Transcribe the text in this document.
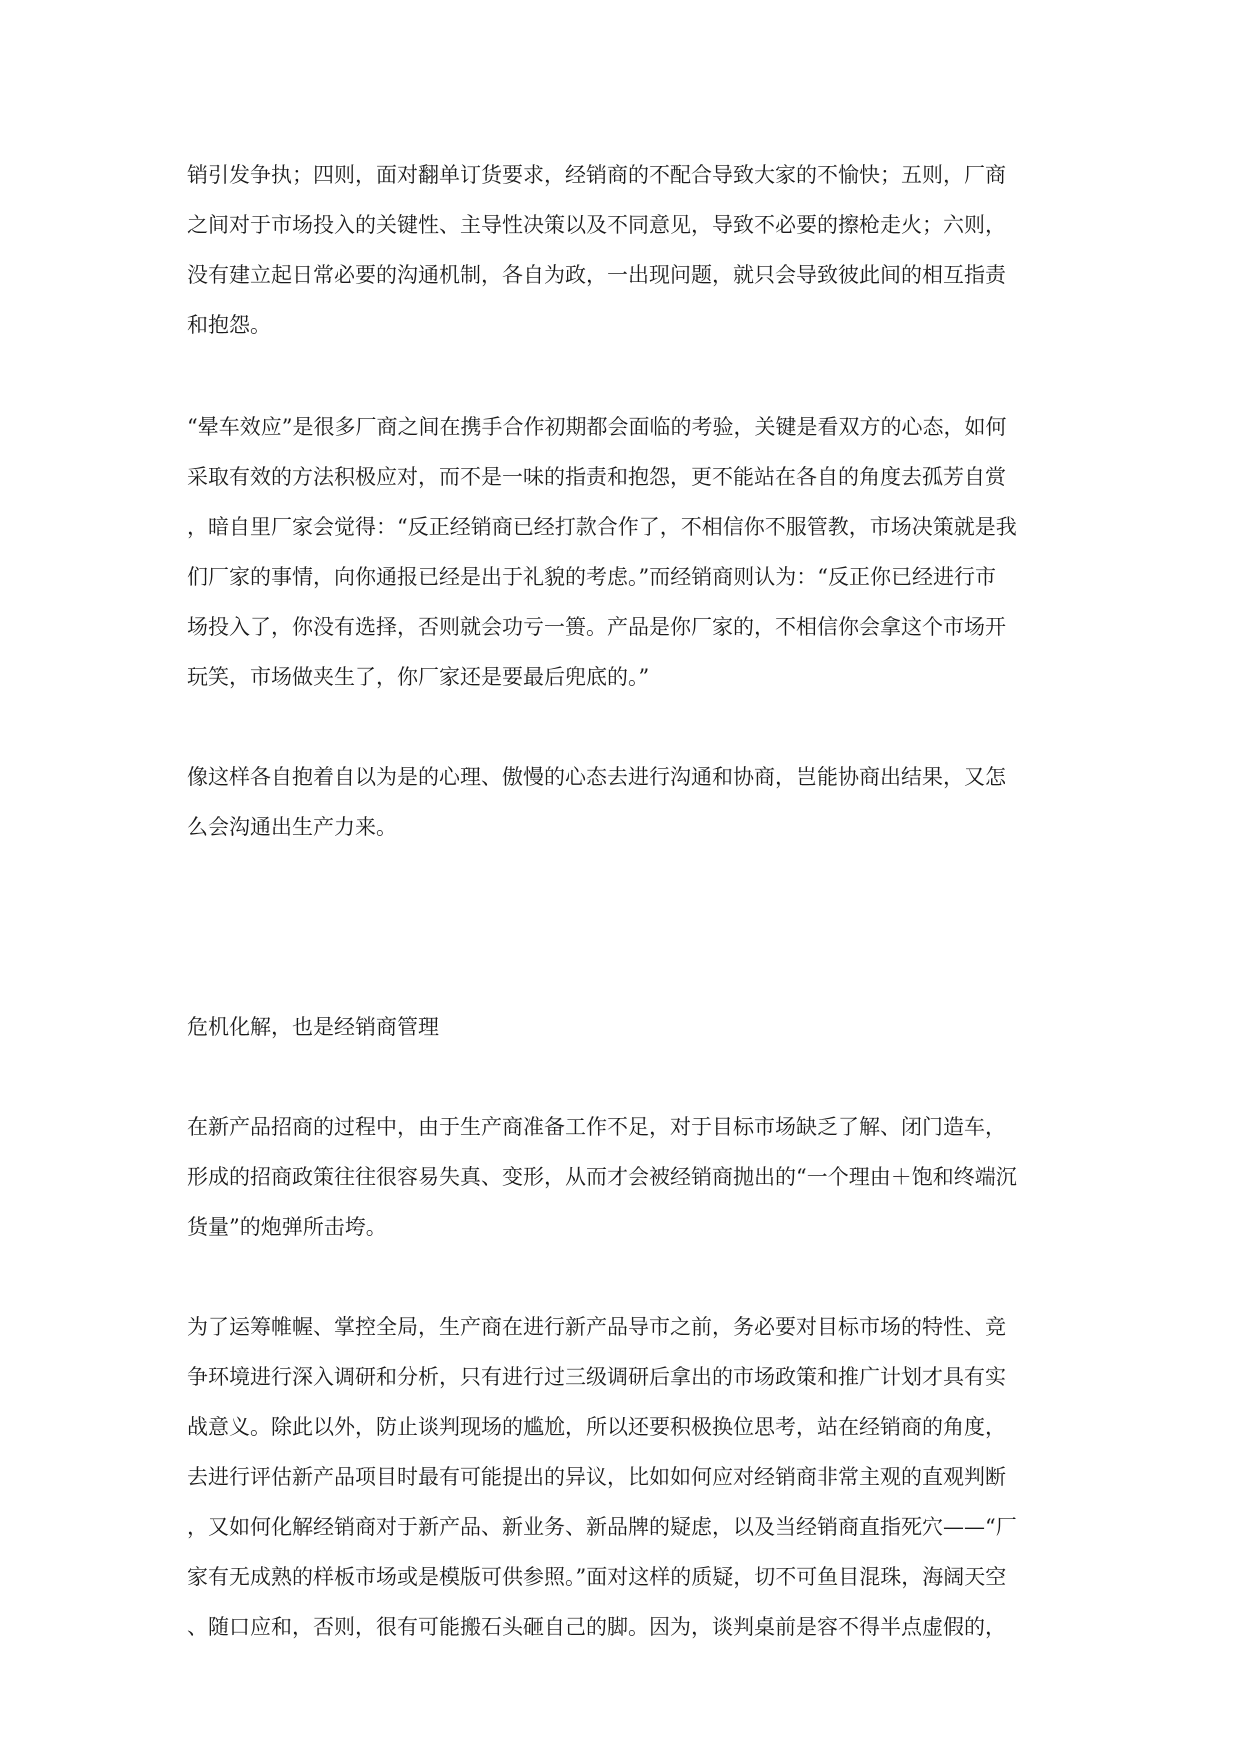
销引发争执；四则，面对翻单订货要求，经销商的不配合导致大家的不愉快；五则，厂商
之间对于市场投入的关键性、主导性决策以及不同意见，导致不必要的擦枪走火；六则，
没有建立起日常必要的沟通机制，各自为政，一出现问题，就只会导致彼此间的相互指责
和抱怨。
“晕车效应”是很多厂商之间在携手合作初期都会面临的考验，关键是看双方的心态，如何
采取有效的方法积极应对，而不是一味的指责和抱怨，更不能站在各自的角度去孤芳自赏
，暗自里厂家会觉得：“反正经销商已经打款合作了，不相信你不服管教，市场决策就是我
们厂家的事情，向你通报已经是出于礼貌的考虑。”而经销商则认为：“反正你已经进行市
场投入了，你没有选择，否则就会功亏一篑。产品是你厂家的，不相信你会拿这个市场开
玩笑，市场做夹生了，你厂家还是要最后兜底的。”
像这样各自抱着自以为是的心理、傲慢的心态去进行沟通和协商，岂能协商出结果，又怎
么会沟通出生产力来。
危机化解，也是经销商管理
在新产品招商的过程中，由于生产商准备工作不足，对于目标市场缺乏了解、闭门造车，
形成的招商政策往往很容易失真、变形，从而才会被经销商抛出的“一个理由＋饱和终端沉
货量”的炮弹所击垮。
为了运筹帷幄、掌控全局，生产商在进行新产品导市之前，务必要对目标市场的特性、竞
争环境进行深入调研和分析，只有进行过三级调研后拿出的市场政策和推广计划才具有实
战意义。除此以外，防止谈判现场的尴尬，所以还要积极换位思考，站在经销商的角度，
去进行评估新产品项目时最有可能提出的异议，比如如何应对经销商非常主观的直观判断
，又如何化解经销商对于新产品、新业务、新品牌的疑虑，以及当经销商直指死穴——“厂
家有无成熟的样板市场或是模版可供参照。”面对这样的质疑，切不可鱼目混珠，海阔天空
、随口应和，否则，很有可能搬石头砸自己的脚。因为，谈判桌前是容不得半点虚假的，
